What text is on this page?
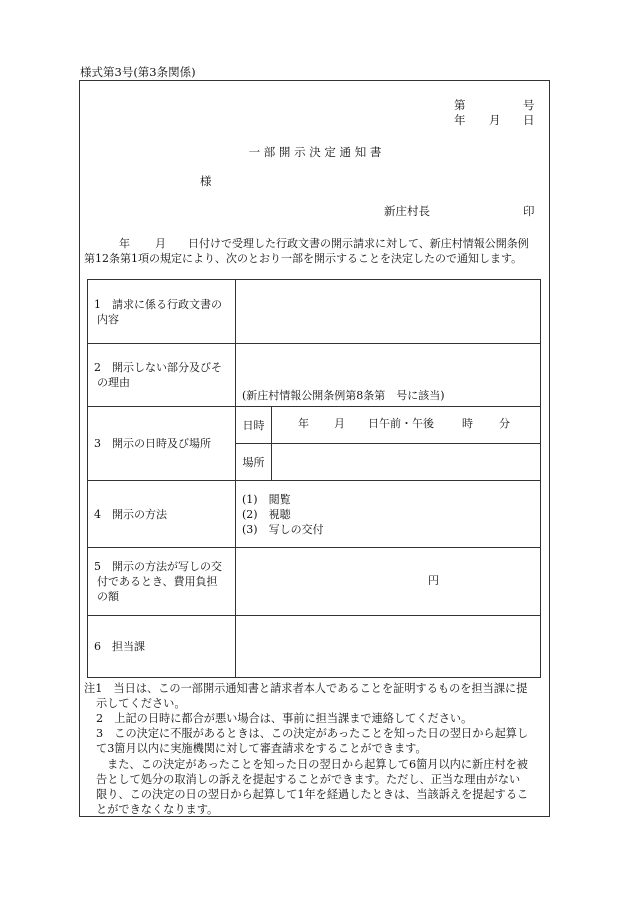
様式第3号(第3条関係)
第	号
年 月 日
一 部 開 示 決 定 通 知 書
様
新庄村長	印
年 月 日付けで受理した行政文書の開示請求に対して、新庄村情報公開条例
第12条第1項の規定により、次のとおり一部を開示することを決定したので通知します。
1　請求に係る行政文書の
内容		

2　開示しない部分及びそ
の理由	(新庄村情報公開条例第8条第　号に該当)	
3　開示の日時及び場所	日時	年 月 日午前・午後 時 分

	場所	
4　開示の方法	(1)　閲覧
(2)　視聴
(3)　写しの交付	

5　開示の方法が写しの交
付であるとき、費用負担
の額	円	

6　担当課		
注1　当日は、この一部開示通知書と請求者本人であることを証明するものを担当課に提
示してください。
2　上記の日時に都合が悪い場合は、事前に担当課まで連絡してください。
3　この決定に不服があるときは、この決定があったことを知った日の翌日から起算し
て3箇月以内に実施機関に対して審査請求をすることができます。
また、この決定があったことを知った日の翌日から起算して6箇月以内に新庄村を被
告として処分の取消しの訴えを提起することができます。ただし、正当な理由がない
限り、この決定の日の翌日から起算して1年を経過したときは、当該訴えを提起するこ
とができなくなります。
